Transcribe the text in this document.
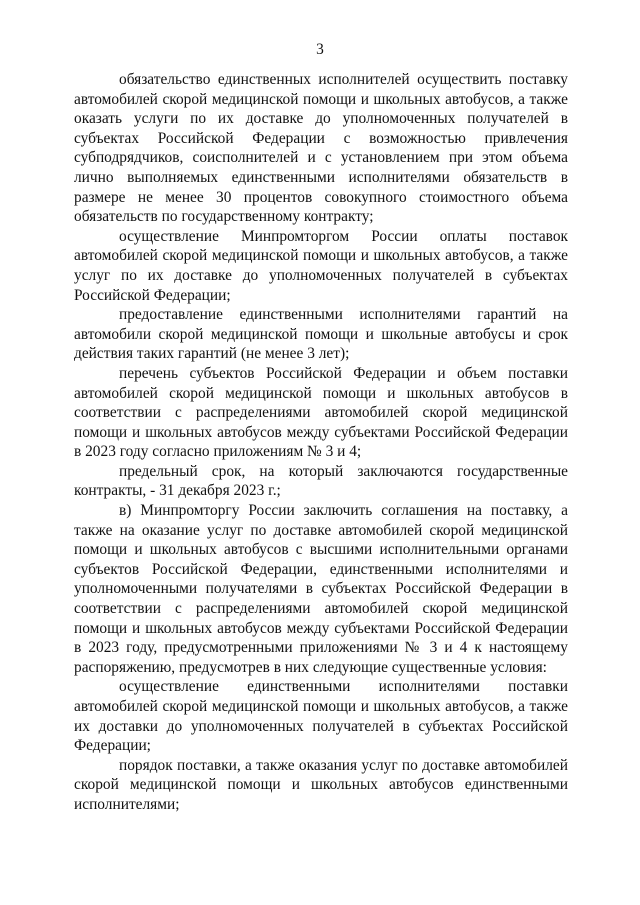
3

обязательство единственных исполнителей осуществить поставку автомобилей скорой медицинской помощи и школьных автобусов, а также оказать услуги по их доставке до уполномоченных получателей в субъектах Российской Федерации с возможностью привлечения субподрядчиков, соисполнителей и с установлением при этом объема лично выполняемых единственными исполнителями обязательств в размере не менее 30 процентов совокупного стоимостного объема обязательств по государственному контракту;

осуществление Минпромторгом России оплаты поставок автомобилей скорой медицинской помощи и школьных автобусов, а также услуг по их доставке до уполномоченных получателей в субъектах Российской Федерации;

предоставление единственными исполнителями гарантий на автомобили скорой медицинской помощи и школьные автобусы и срок действия таких гарантий (не менее 3 лет);

перечень субъектов Российской Федерации и объем поставки автомобилей скорой медицинской помощи и школьных автобусов в соответствии с распределениями автомобилей скорой медицинской помощи и школьных автобусов между субъектами Российской Федерации в 2023 году согласно приложениям № 3 и 4;

предельный срок, на который заключаются государственные контракты, - 31 декабря 2023 г.;

в) Минпромторгу России заключить соглашения на поставку, а также на оказание услуг по доставке автомобилей скорой медицинской помощи и школьных автобусов с высшими исполнительными органами субъектов Российской Федерации, единственными исполнителями и уполномоченными получателями в субъектах Российской Федерации в соответствии с распределениями автомобилей скорой медицинской помощи и школьных автобусов между субъектами Российской Федерации в 2023 году, предусмотренными приложениями № 3 и 4 к настоящему распоряжению, предусмотрев в них следующие существенные условия:

осуществление единственными исполнителями поставки автомобилей скорой медицинской помощи и школьных автобусов, а также их доставки до уполномоченных получателей в субъектах Российской Федерации;

порядок поставки, а также оказания услуг по доставке автомобилей скорой медицинской помощи и школьных автобусов единственными исполнителями;
